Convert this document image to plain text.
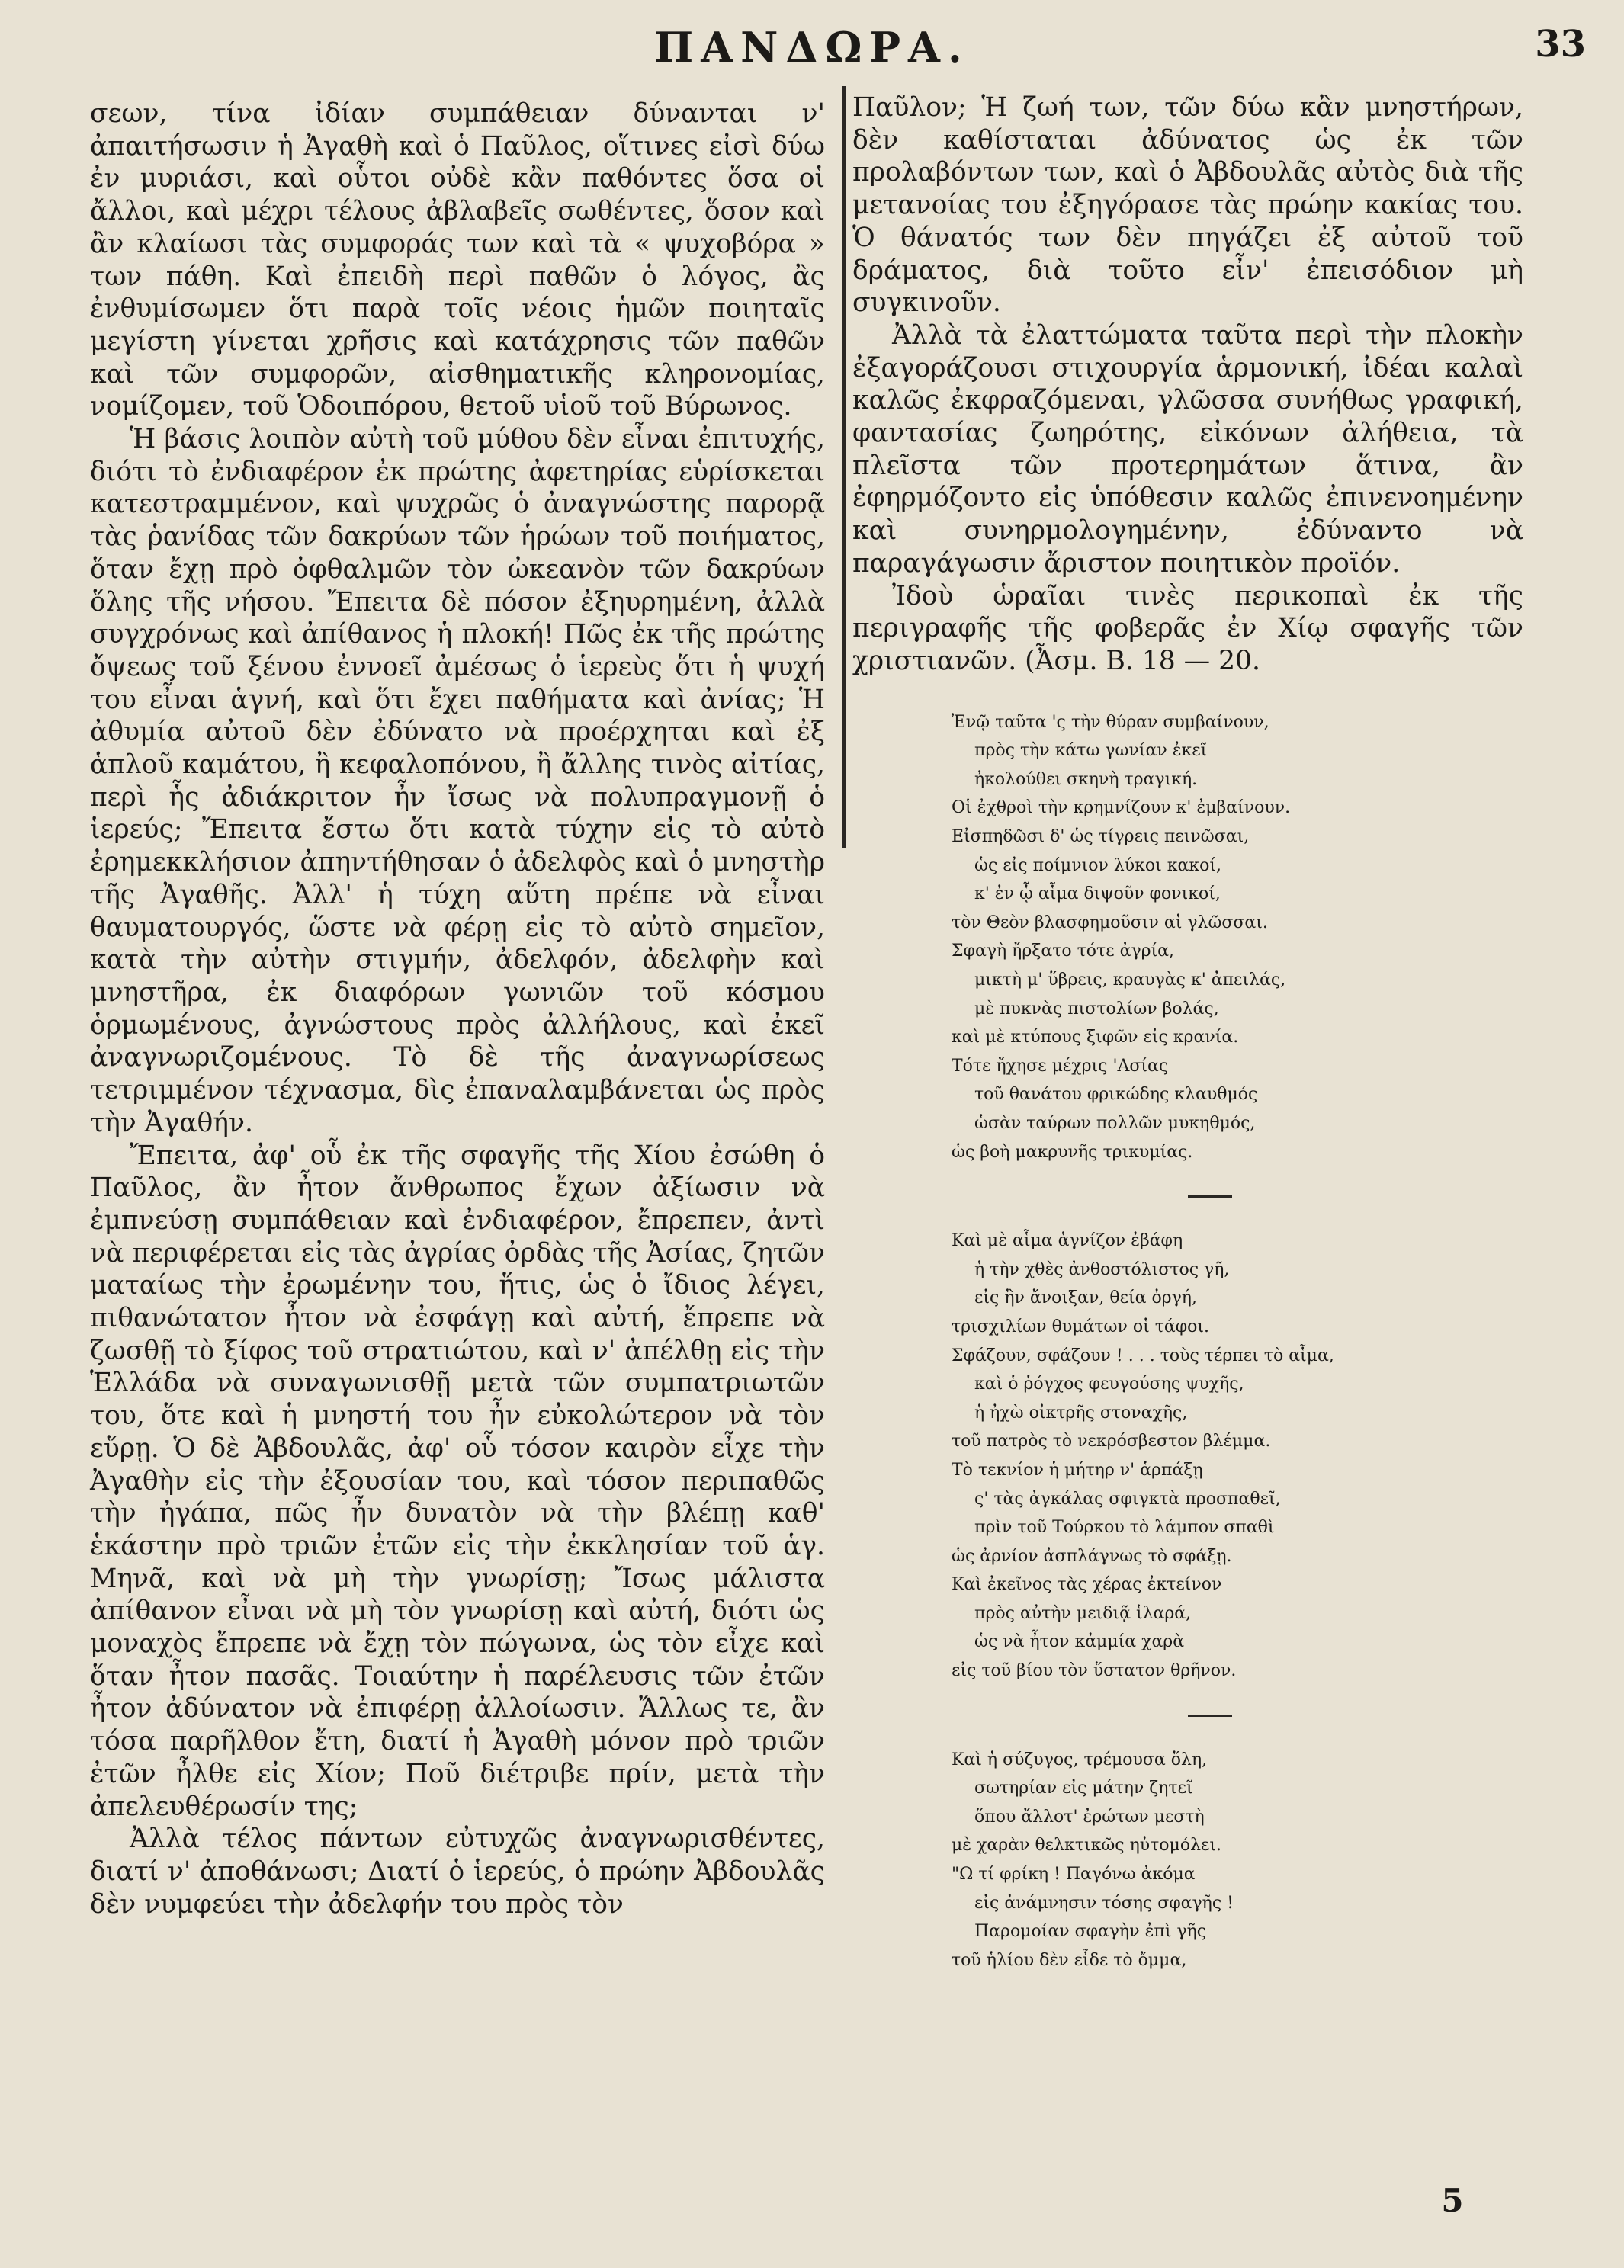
ΠΑΝΔΩΡΑ.	33

σεων, τίνα ἰδίαν συμπάθειαν δύνανται ν' ἀπαιτήσωσιν ἡ Ἀγαθὴ καὶ ὁ Παῦλος, οἵτινες εἰσὶ δύω ἐν μυριάσι, καὶ οὗτοι οὐδὲ κἂν παθόντες ὅσα οἱ ἄλλοι, καὶ μέχρι τέλους ἀβλαβεῖς σωθέντες, ὅσον καὶ ἂν κλαίωσι τὰς συμφοράς των καὶ τὰ « ψυχοβόρα » των πάθη. Καὶ ἐπειδὴ περὶ παθῶν ὁ λόγος, ἂς ἐνθυμίσωμεν ὅτι παρὰ τοῖς νέοις ἡμῶν ποιηταῖς μεγίστη γίνεται χρῆσις καὶ κατάχρησις τῶν παθῶν καὶ τῶν συμφορῶν, αἰσθηματικῆς κληρονομίας, νομίζομεν, τοῦ Ὁδοιπόρου, θετοῦ υἱοῦ τοῦ Βύρωνος.

Ἡ βάσις λοιπὸν αὐτὴ τοῦ μύθου δὲν εἶναι ἐπιτυχής, διότι τὸ ἐνδιαφέρον ἐκ πρώτης ἀφετηρίας εὑρίσκεται κατεστραμμένον, καὶ ψυχρῶς ὁ ἀναγνώστης παρορᾷ τὰς ῥανίδας τῶν δακρύων τῶν ἡρώων τοῦ ποιήματος, ὅταν ἔχῃ πρὸ ὀφθαλμῶν τὸν ὠκεανὸν τῶν δακρύων ὅλης τῆς νήσου. Ἔπειτα δὲ πόσον ἐξηυρημένη, ἀλλὰ συγχρόνως καὶ ἀπίθανος ἡ πλοκή! Πῶς ἐκ τῆς πρώτης ὄψεως τοῦ ξένου ἐννοεῖ ἀμέσως ὁ ἱερεὺς ὅτι ἡ ψυχή του εἶναι ἁγνή, καὶ ὅτι ἔχει παθήματα καὶ ἀνίας; Ἡ ἀθυμία αὐτοῦ δὲν ἐδύνατο νὰ προέρχηται καὶ ἐξ ἁπλοῦ καμάτου, ἢ κεφαλοπόνου, ἢ ἄλλης τινὸς αἰτίας, περὶ ἧς ἀδιάκριτον ἦν ἴσως νὰ πολυπραγμονῇ ὁ ἱερεύς; Ἔπειτα ἔστω ὅτι κατὰ τύχην εἰς τὸ αὐτὸ ἐρημεκκλήσιον ἀπηντήθησαν ὁ ἀδελφὸς καὶ ὁ μνηστὴρ τῆς Ἀγαθῆς. Ἀλλ' ἡ τύχη αὕτη πρέπε νὰ εἶναι θαυματουργός, ὥστε νὰ φέρῃ εἰς τὸ αὐτὸ σημεῖον, κατὰ τὴν αὐτὴν στιγμήν, ἀδελφόν, ἀδελφὴν καὶ μνηστῆρα, ἐκ διαφόρων γωνιῶν τοῦ κόσμου ὁρμωμένους, ἀγνώστους πρὸς ἀλλήλους, καὶ ἐκεῖ ἀναγνωριζομένους. Τὸ δὲ τῆς ἀναγνωρίσεως τετριμμένον τέχνασμα, δὶς ἐπαναλαμβάνεται ὡς πρὸς τὴν Ἀγαθήν.

Ἔπειτα, ἀφ' οὗ ἐκ τῆς σφαγῆς τῆς Χίου ἐσώθη ὁ Παῦλος, ἂν ἦτον ἄνθρωπος ἔχων ἀξίωσιν νὰ ἐμπνεύσῃ συμπάθειαν καὶ ἐνδιαφέρον, ἔπρεπεν, ἀντὶ νὰ περιφέρεται εἰς τὰς ἀγρίας ὀρδὰς τῆς Ἀσίας, ζητῶν ματαίως τὴν ἐρωμένην του, ἥτις, ὡς ὁ ἴδιος λέγει, πιθανώτατον ἦτον νὰ ἐσφάγῃ καὶ αὐτή, ἔπρεπε νὰ ζωσθῇ τὸ ξίφος τοῦ στρατιώτου, καὶ ν' ἀπέλθῃ εἰς τὴν Ἑλλάδα νὰ συναγωνισθῇ μετὰ τῶν συμπατριωτῶν του, ὅτε καὶ ἡ μνηστή του ἦν εὐκολώτερον νὰ τὸν εὕρῃ. Ὁ δὲ Ἀβδουλᾶς, ἀφ' οὗ τόσον καιρὸν εἶχε τὴν Ἀγαθὴν εἰς τὴν ἐξουσίαν του, καὶ τόσον περιπαθῶς τὴν ἠγάπα, πῶς ἦν δυνατὸν νὰ τὴν βλέπῃ καθ' ἑκάστην πρὸ τριῶν ἐτῶν εἰς τὴν ἐκκλησίαν τοῦ ἁγ. Μηνᾶ, καὶ νὰ μὴ τὴν γνωρίσῃ; Ἴσως μάλιστα ἀπίθανον εἶναι νὰ μὴ τὸν γνωρίσῃ καὶ αὐτή, διότι ὡς μοναχὸς ἔπρεπε νὰ ἔχῃ τὸν πώγωνα, ὡς τὸν εἶχε καὶ ὅταν ἦτον πασᾶς. Τοιαύτην ἡ παρέλευσις τῶν ἐτῶν ἦτον ἀδύνατον νὰ ἐπιφέρῃ ἀλλοίωσιν. Ἄλλως τε, ἂν τόσα παρῆλθον ἔτη, διατί ἡ Ἀγαθὴ μόνον πρὸ τριῶν ἐτῶν ἦλθε εἰς Χίον; Ποῦ διέτριβε πρίν, μετὰ τὴν ἀπελευθέρωσίν της;

Ἀλλὰ τέλος πάντων εὐτυχῶς ἀναγνωρισθέντες, διατί ν' ἀποθάνωσι; Διατί ὁ ἱερεύς, ὁ πρώην Ἀβδουλᾶς δὲν νυμφεύει τὴν ἀδελφήν του πρὸς τὸν

Παῦλον; Ἡ ζωή των, τῶν δύω κἂν μνηστήρων, δὲν καθίσταται ἀδύνατος ὡς ἐκ τῶν προλαβόντων των, καὶ ὁ Ἀβδουλᾶς αὐτὸς διὰ τῆς μετανοίας του ἐξηγόρασε τὰς πρώην κακίας του. Ὁ θάνατός των δὲν πηγάζει ἐξ αὐτοῦ τοῦ δράματος, διὰ τοῦτο εἶν' ἐπεισόδιον μὴ συγκινοῦν.

Ἀλλὰ τὰ ἐλαττώματα ταῦτα περὶ τὴν πλοκὴν ἐξαγοράζουσι στιχουργία ἁρμονική, ἰδέαι καλαὶ καλῶς ἐκφραζόμεναι, γλῶσσα συνήθως γραφική, φαντασίας ζωηρότης, εἰκόνων ἀλήθεια, τὰ πλεῖστα τῶν προτερημάτων ἅτινα, ἂν ἐφηρμόζοντο εἰς ὑπόθεσιν καλῶς ἐπινενοημένην καὶ συνηρμολογημένην, ἐδύναντο νὰ παραγάγωσιν ἄριστον ποιητικὸν προϊόν.

Ἰδοὺ ὡραῖαι τινὲς περικοπαὶ ἐκ τῆς περιγραφῆς τῆς φοβερᾶς ἐν Χίῳ σφαγῆς τῶν χριστιανῶν. (Ἆσμ. Β. 18 — 20.

Ἐνῷ ταῦτα 'ς τὴν θύραν συμβαίνουν,
πρὸς τὴν κάτω γωνίαν ἐκεῖ
ἠκολούθει σκηνὴ τραγική.
Οἱ ἐχθροὶ τὴν κρημνίζουν κ' ἐμβαίνουν.
Εἰσπηδῶσι δ' ὡς τίγρεις πεινῶσαι,
ὡς εἰς ποίμνιον λύκοι κακοί,
κ' ἐν ᾧ αἷμα διψοῦν φονικοί,
τὸν Θεὸν βλασφημοῦσιν αἱ γλῶσσαι.
Σφαγὴ ἤρξατο τότε ἀγρία,
μικτὴ μ' ὕβρεις, κραυγὰς κ' ἀπειλάς,
μὲ πυκνὰς πιστολίων βολάς,
καὶ μὲ κτύπους ξιφῶν εἰς κρανία.
Τότε ἤχησε μέχρις 'Ασίας
τοῦ θανάτου φρικώδης κλαυθμός
ὡσὰν ταύρων πολλῶν μυκηθμός,
ὡς βοὴ μακρυνῆς τρικυμίας.
Καὶ μὲ αἷμα ἁγνίζον ἐβάφη
ἡ τὴν χθὲς ἀνθοστόλιστος γῆ,
εἰς ἣν ἄνοιξαν, θεία ὀργή,
τρισχιλίων θυμάτων οἱ τάφοι.
Σφάζουν, σφάζουν ! . . . τοὺς τέρπει τὸ αἷμα,
καὶ ὁ ῥόγχος φευγούσης ψυχῆς,
ἡ ἠχὼ οἰκτρῆς στοναχῆς,
τοῦ πατρὸς τὸ νεκρόσβεστον βλέμμα.
Τὸ τεκνίον ἡ μήτηρ ν' ἁρπάξῃ
ς' τὰς ἀγκάλας σφιγκτὰ προσπαθεῖ,
πρὶν τοῦ Τούρκου τὸ λάμπον σπαθὶ
ὡς ἀρνίον ἀσπλάγνως τὸ σφάξῃ.
Καὶ ἐκεῖνος τὰς χέρας ἐκτείνον
πρὸς αὐτὴν μειδιᾷ ἱλαρά,
ὡς νὰ ἦτον κἀμμία χαρὰ
εἰς τοῦ βίου τὸν ὕστατον θρῆνον.
Καὶ ἡ σύζυγος, τρέμουσα ὅλη,
σωτηρίαν εἰς μάτην ζητεῖ
ὅπου ἄλλοτ' ἐρώτων μεστὴ
μὲ χαρὰν θελκτικῶς ηὐτομόλει.
"Ω τί φρίκη ! Παγόνω ἀκόμα
εἰς ἀνάμνησιν τόσης σφαγῆς !
Παρομοίαν σφαγὴν ἐπὶ γῆς
τοῦ ἡλίου δὲν εἶδε τὸ ὄμμα,
5
